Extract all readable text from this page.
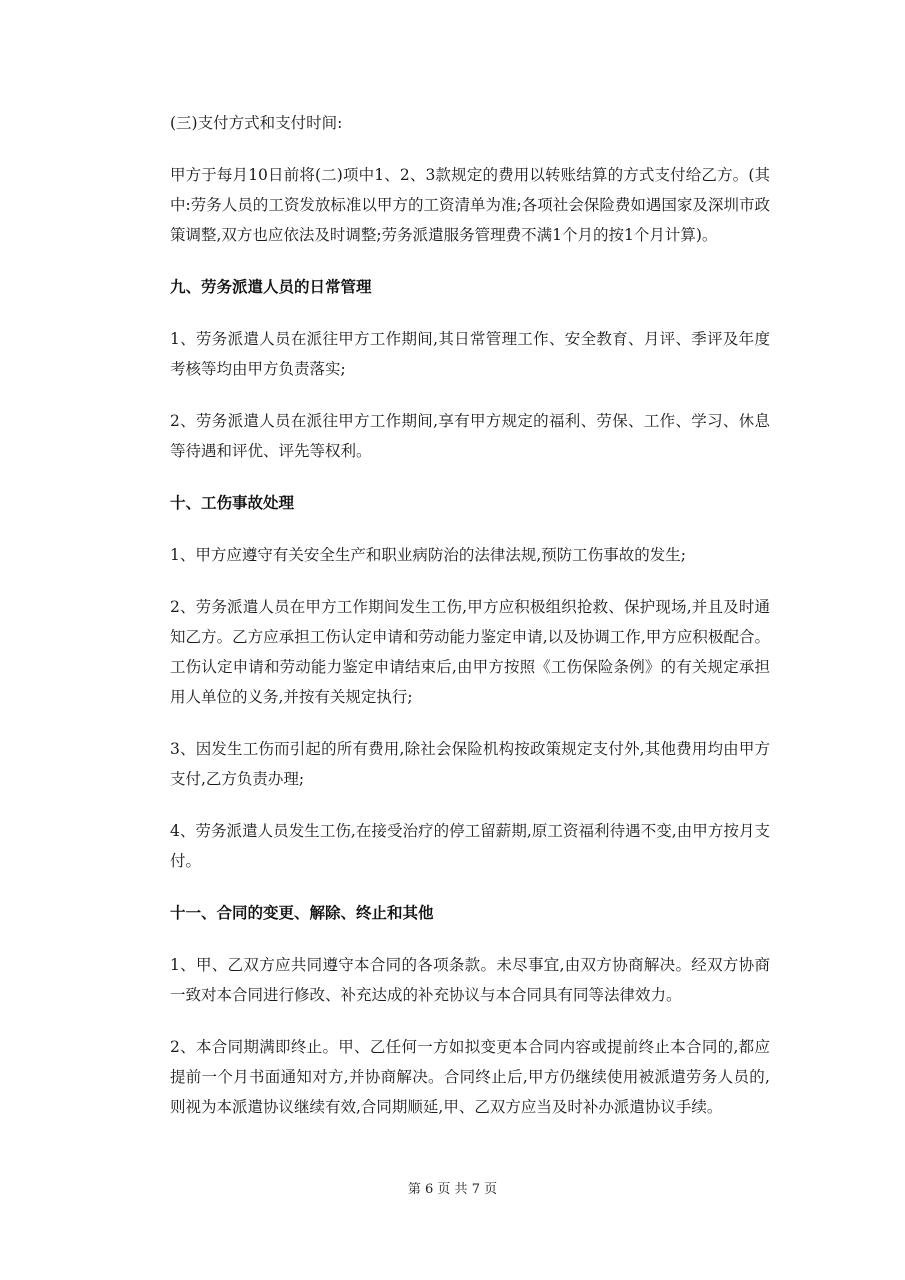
(三)支付方式和支付时间:

甲方于每月10日前将(二)项中1、2、3款规定的费用以转账结算的方式支付给乙方。(其中:劳务人员的工资发放标准以甲方的工资清单为准;各项社会保险费如遇国家及深圳市政策调整,双方也应依法及时调整;劳务派遣服务管理费不满1个月的按1个月计算)。

九、劳务派遣人员的日常管理

1、劳务派遣人员在派往甲方工作期间,其日常管理工作、安全教育、月评、季评及年度考核等均由甲方负责落实;

2、劳务派遣人员在派往甲方工作期间,享有甲方规定的福利、劳保、工作、学习、休息等待遇和评优、评先等权利。

十、工伤事故处理

1、甲方应遵守有关安全生产和职业病防治的法律法规,预防工伤事故的发生;

2、劳务派遣人员在甲方工作期间发生工伤,甲方应积极组织抢救、保护现场,并且及时通知乙方。乙方应承担工伤认定申请和劳动能力鉴定申请,以及协调工作,甲方应积极配合。工伤认定申请和劳动能力鉴定申请结束后,由甲方按照《工伤保险条例》的有关规定承担用人单位的义务,并按有关规定执行;

3、因发生工伤而引起的所有费用,除社会保险机构按政策规定支付外,其他费用均由甲方支付,乙方负责办理;

4、劳务派遣人员发生工伤,在接受治疗的停工留薪期,原工资福利待遇不变,由甲方按月支付。

十一、合同的变更、解除、终止和其他

1、甲、乙双方应共同遵守本合同的各项条款。未尽事宜,由双方协商解决。经双方协商一致对本合同进行修改、补充达成的补充协议与本合同具有同等法律效力。

2、本合同期满即终止。甲、乙任何一方如拟变更本合同内容或提前终止本合同的,都应提前一个月书面通知对方,并协商解决。合同终止后,甲方仍继续使用被派遣劳务人员的,则视为本派遣协议继续有效,合同期顺延,甲、乙双方应当及时补办派遣协议手续。

第 6 页 共 7 页
